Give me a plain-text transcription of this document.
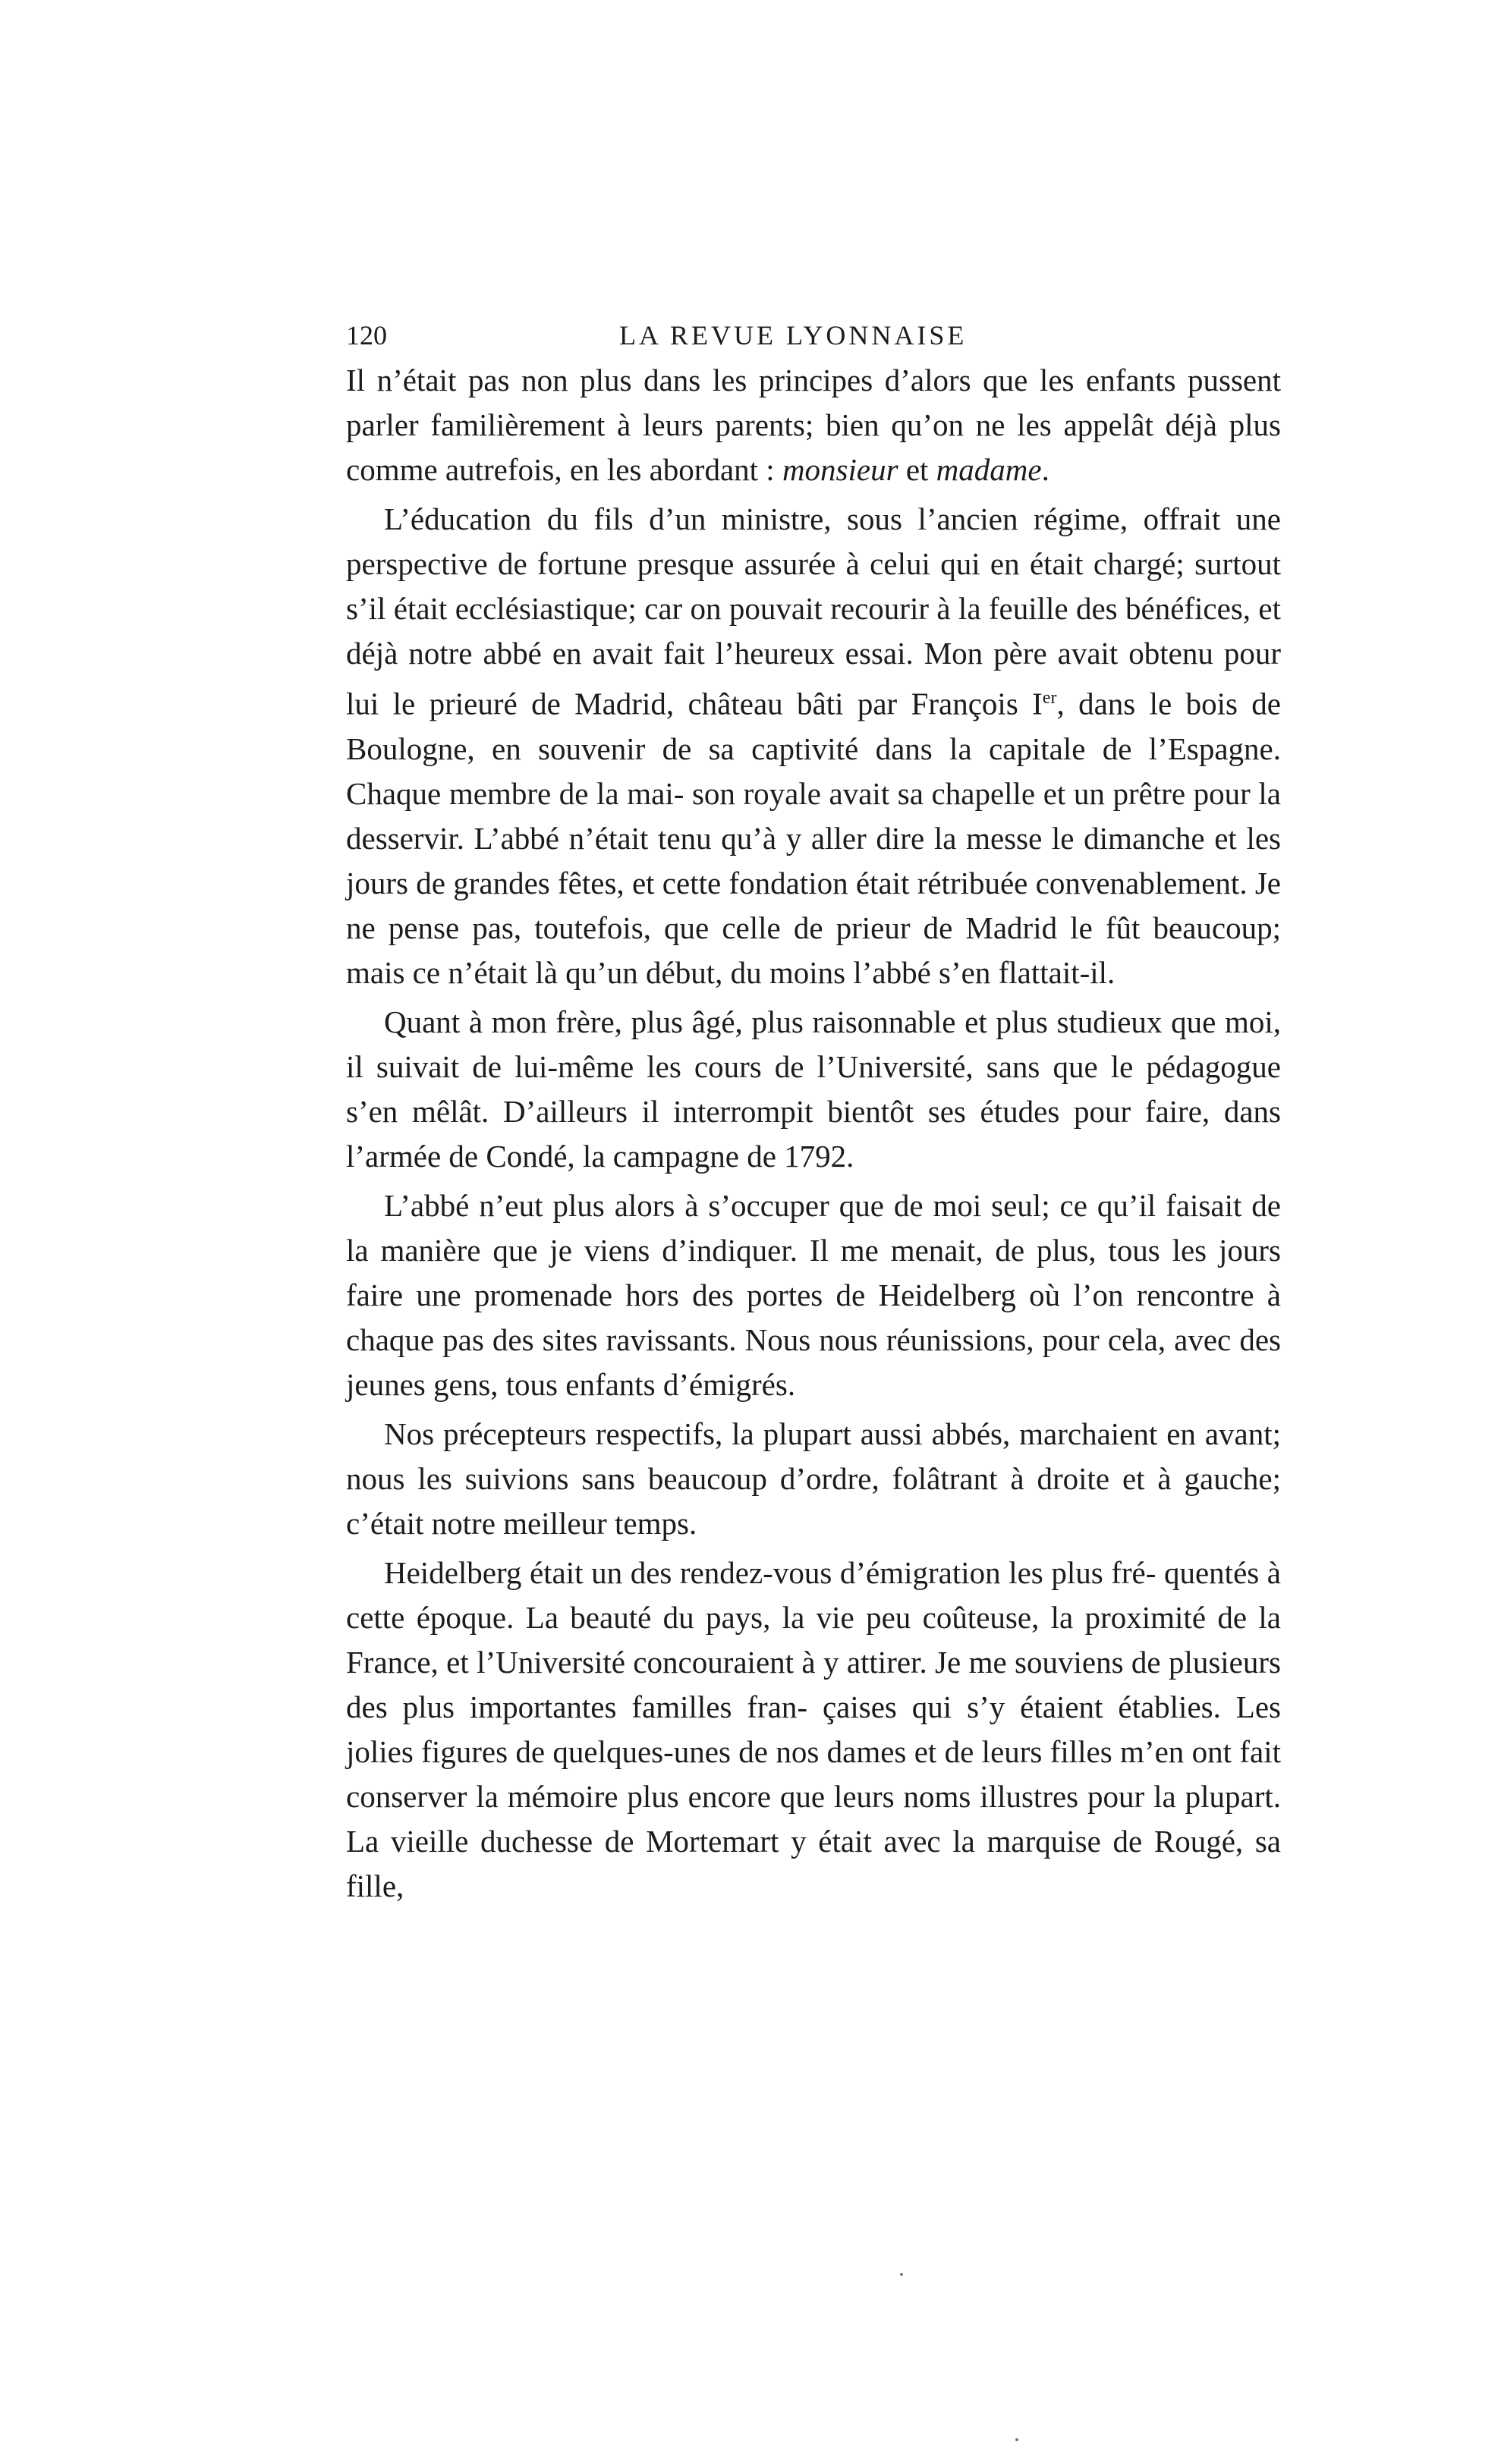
120	LA REVUE LYONNAISE

Il n’était pas non plus dans les principes d’alors que les enfants pussent parler familièrement à leurs parents; bien qu’on ne les appelât déjà plus comme autrefois, en les abordant : monsieur et madame.

L’éducation du fils d’un ministre, sous l’ancien régime, offrait une perspective de fortune presque assurée à celui qui en était chargé; surtout s’il était ecclésiastique; car on pouvait recourir à la feuille des bénéfices, et déjà notre abbé en avait fait l’heureux essai. Mon père avait obtenu pour lui le prieuré de Madrid, château bâti par François Ier, dans le bois de Boulogne, en souvenir de sa captivité dans la capitale de l’Espagne. Chaque membre de la mai- son royale avait sa chapelle et un prêtre pour la desservir. L’abbé n’était tenu qu’à y aller dire la messe le dimanche et les jours de grandes fêtes, et cette fondation était rétribuée convenablement. Je ne pense pas, toutefois, que celle de prieur de Madrid le fût beaucoup; mais ce n’était là qu’un début, du moins l’abbé s’en flattait-il.

Quant à mon frère, plus âgé, plus raisonnable et plus studieux que moi, il suivait de lui-même les cours de l’Université, sans que le pédagogue s’en mêlât. D’ailleurs il interrompit bientôt ses études pour faire, dans l’armée de Condé, la campagne de 1792.

L’abbé n’eut plus alors à s’occuper que de moi seul; ce qu’il faisait de la manière que je viens d’indiquer. Il me menait, de plus, tous les jours faire une promenade hors des portes de Heidelberg où l’on rencontre à chaque pas des sites ravissants. Nous nous réunissions, pour cela, avec des jeunes gens, tous enfants d’émigrés.

Nos précepteurs respectifs, la plupart aussi abbés, marchaient en avant; nous les suivions sans beaucoup d’ordre, folâtrant à droite et à gauche; c’était notre meilleur temps.

Heidelberg était un des rendez-vous d’émigration les plus fré- quentés à cette époque. La beauté du pays, la vie peu coûteuse, la proximité de la France, et l’Université concouraient à y attirer. Je me souviens de plusieurs des plus importantes familles fran- çaises qui s’y étaient établies. Les jolies figures de quelques-unes de nos dames et de leurs filles m’en ont fait conserver la mémoire plus encore que leurs noms illustres pour la plupart. La vieille duchesse de Mortemart y était avec la marquise de Rougé, sa fille,
